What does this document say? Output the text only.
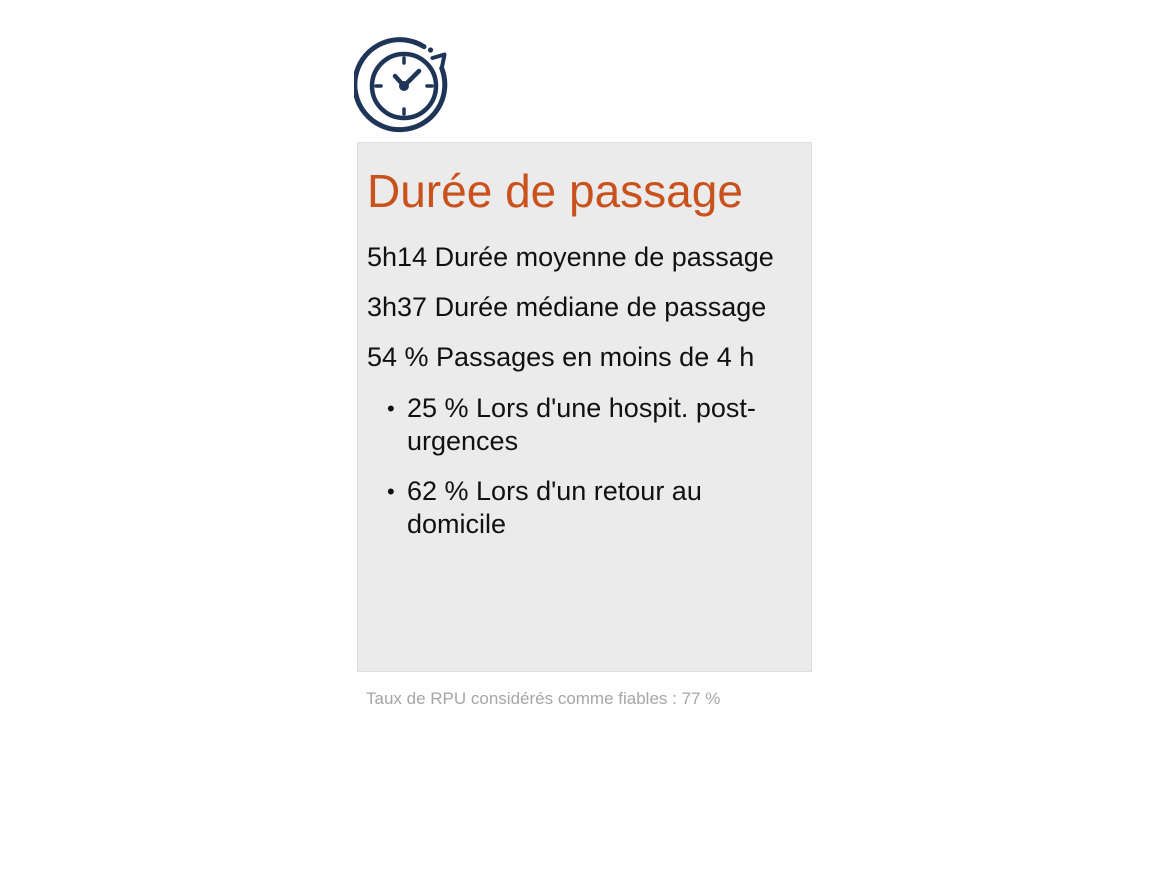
Durée de passage
5h14 Durée moyenne de passage
3h37 Durée médiane de passage
54 % Passages en moins de 4 h
• 25 % Lors d'une hospit. post-urgences
• 62 % Lors d'un retour au domicile
Taux de RPU considérés comme fiables : 77 %
